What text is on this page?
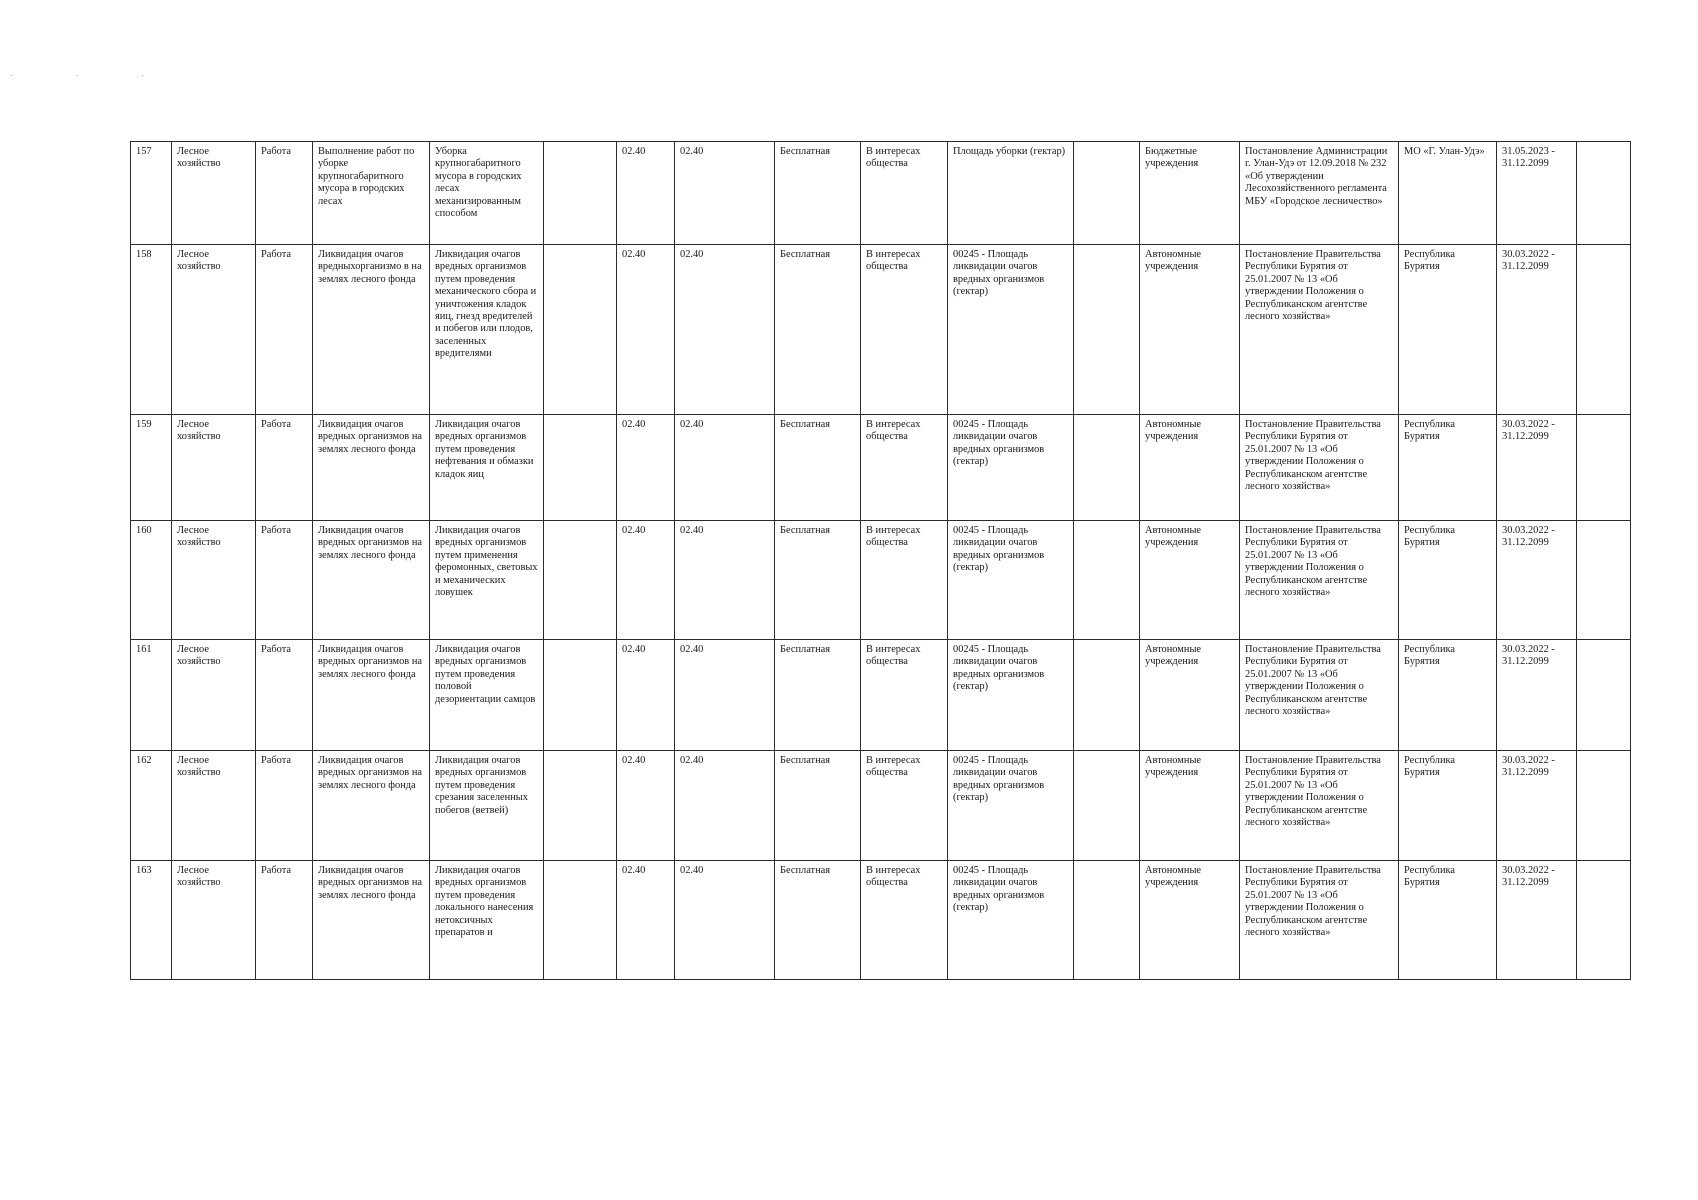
· · ·
157	Лесное хозяйство	Работа	Выполнение работ по уборке крупногабаритного мусора в городских лесах	Уборка крупногабаритного мусора в городских лесах механизированным способом		02.40	02.40	Бесплатная	В интересах общества	Площадь уборки (гектар)		Бюджетные учреждения	Постановление Администрации г. Улан-Удэ от 12.09.2018 № 232 «Об утверждении Лесохозяйственного регламента МБУ «Городское лесничество»	МО «Г. Улан-Удэ»	31.05.2023 - 31.12.2099	
158	Лесное хозяйство	Работа	Ликвидация очагов вредныхорганизмо в на землях лесного фонда	Ликвидация очагов вредных организмов путем проведения механического сбора и уничтожения кладок яиц, гнезд вредителей и побегов или плодов, заселенных вредителями		02.40	02.40	Бесплатная	В интересах общества	00245 - Площадь ликвидации очагов вредных организмов (гектар)		Автономные учреждения	Постановление Правительства Республики Бурятия от 25.01.2007 № 13 «Об утверждении Положения о Республиканском агентстве лесного хозяйства»	Республика Бурятия	30.03.2022 - 31.12.2099	
159	Лесное хозяйство	Работа	Ликвидация очагов вредных организмов на землях лесного фонда	Ликвидация очагов вредных организмов путем проведения нефтевания и обмазки кладок яиц		02.40	02.40	Бесплатная	В интересах общества	00245 - Площадь ликвидации очагов вредных организмов (гектар)		Автономные учреждения	Постановление Правительства Республики Бурятия от 25.01.2007 № 13 «Об утверждении Положения о Республиканском агентстве лесного хозяйства»	Республика Бурятия	30.03.2022 - 31.12.2099	
160	Лесное хозяйство	Работа	Ликвидация очагов вредных организмов на землях лесного фонда	Ликвидация очагов вредных организмов путем применения феромонных, световых и механических ловушек		02.40	02.40	Бесплатная	В интересах общества	00245 - Площадь ликвидации очагов вредных организмов (гектар)		Автономные учреждения	Постановление Правительства Республики Бурятия от 25.01.2007 № 13 «Об утверждении Положения о Республиканском агентстве лесного хозяйства»	Республика Бурятия	30.03.2022 - 31.12.2099	
161	Лесное хозяйство	Работа	Ликвидация очагов вредных организмов на землях лесного фонда	Ликвидация очагов вредных организмов путем проведения половой дезориентации самцов		02.40	02.40	Бесплатная	В интересах общества	00245 - Площадь ликвидации очагов вредных организмов (гектар)		Автономные учреждения	Постановление Правительства Республики Бурятия от 25.01.2007 № 13 «Об утверждении Положения о Республиканском агентстве лесного хозяйства»	Республика Бурятия	30.03.2022 - 31.12.2099	
162	Лесное хозяйство	Работа	Ликвидация очагов вредных организмов на землях лесного фонда	Ликвидация очагов вредных организмов путем проведения срезания заселенных побегов (ветвей)		02.40	02.40	Бесплатная	В интересах общества	00245 - Площадь ликвидации очагов вредных организмов (гектар)		Автономные учреждения	Постановление Правительства Республики Бурятия от 25.01.2007 № 13 «Об утверждении Положения о Республиканском агентстве лесного хозяйства»	Республика Бурятия	30.03.2022 - 31.12.2099	
163	Лесное хозяйство	Работа	Ликвидация очагов вредных организмов на землях лесного фонда	Ликвидация очагов вредных организмов путем проведения локального нанесения нетоксичных препаратов и		02.40	02.40	Бесплатная	В интересах общества	00245 - Площадь ликвидации очагов вредных организмов (гектар)		Автономные учреждения	Постановление Правительства Республики Бурятия от 25.01.2007 № 13 «Об утверждении Положения о Республиканском агентстве лесного хозяйства»	Республика Бурятия	30.03.2022 - 31.12.2099	
